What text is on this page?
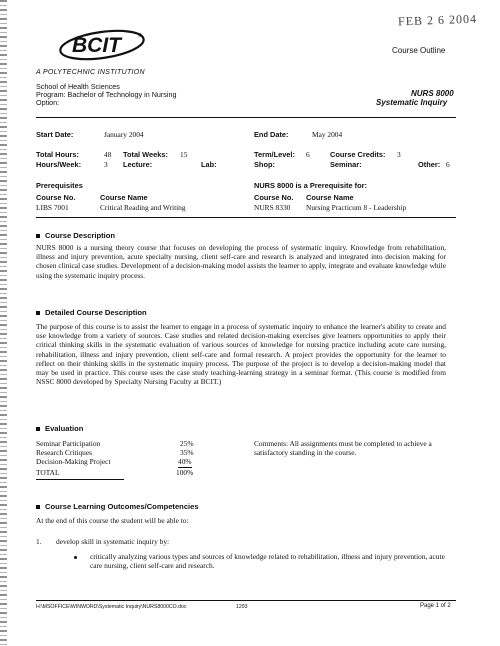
FEB 2 6 2004
BCIT	®
Course Outline
A POLYTECHNIC INSTITUTION
School of Health Sciences
Program: Bachelor of Technology in Nursing
Option:
NURS 8000
Systematic Inquiry
Start Date:	January 2004	End Date:	May 2004
Total Hours:	48 Total Weeks: 15	Term/Level: 6	Course Credits: 3
Hours/Week:	3 Lecture:	Lab:	Shop:	Seminar:	Other: 6
Prerequisites
Course No.	Course Name
LIBS 7001	Critical Reading and Writing
NURS 8000 is a Prerequisite for:
Course No. Course Name
NURS 8330 Nursing Practicum 8 - Leadership
Course Description
NURS 8000 is a nursing theory course that focuses on developing the process of systematic inquiry. Knowledge from rehabilitation, illness and injury prevention, acute specialty nursing, client self-care and research is analyzed and integrated into decision making for chosen clinical case studies. Development of a decision-making model assists the learner to apply, integrate and evaluate knowledge while using the systematic inquiry process.
Detailed Course Description
The purpose of this course is to assist the learner to engage in a process of systematic inquiry to enhance the learner's ability to create and use knowledge from a variety of sources. Case studies and related decision-making exercises give learners opportunities to apply their critical thinking skills in the systematic evaluation of various sources of knowledge for nursing practice including acute care nursing, rehabilitation, illness and injury prevention, client self-care and formal research. A project provides the opportunity for the learner to reflect on their thinking skills in the systematic inquiry process. The purpose of the project is to develop a decision-making model that may be used in practice. This course uses the case study teaching-learning strategy in a seminar format. (This course is modified from NSSC 8000 developed by Specialty Nursing Faculty at BCIT.)
Evaluation
Seminar Participation	25%
Research Critiques	35%
Decision-Making Project	40%
TOTAL	100%
Comments: All assignments must be completed to achieve a satisfactory standing in the course.
Course Learning Outcomes/Competencies
At the end of this course the student will be able to:
1. develop skill in systematic inquiry by:
critically analyzing various types and sources of knowledge related to rehabilitation, illness and injury prevention, acute care nursing, client self-care and research.
H:\MSOFFICE\WINWORD\Systematic Inquiry\NURS8000CO.doc	1293	Page 1 of 2
